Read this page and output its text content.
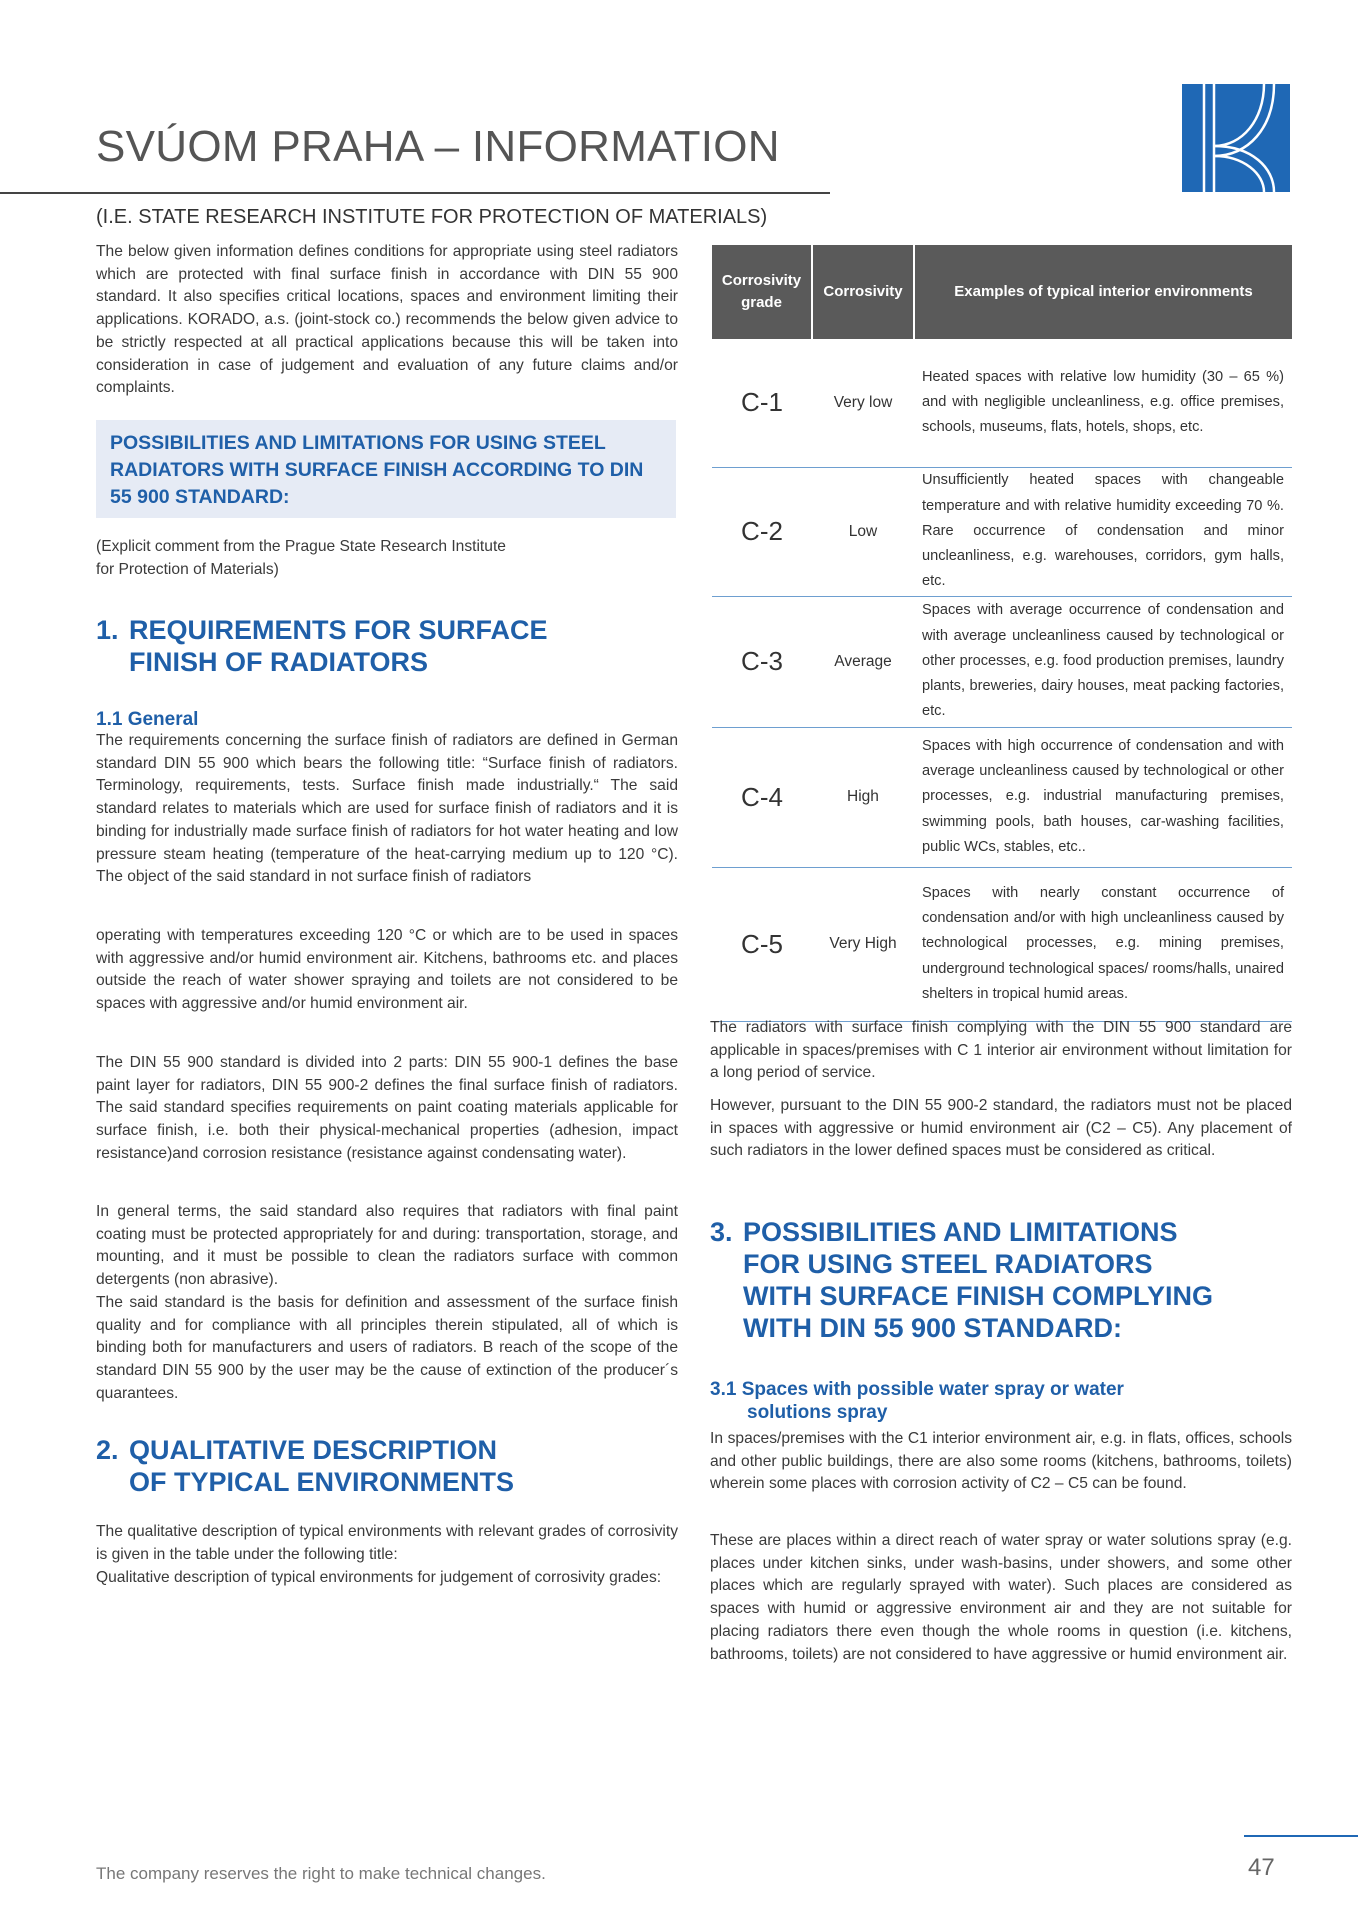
SVÚOM PRAHA – INFORMATION
(I.E. STATE RESEARCH INSTITUTE FOR PROTECTION OF MATERIALS)

The below given information defines conditions for appropriate using steel radiators which are protected with final surface finish in accordance with DIN 55 900 standard. It also specifies critical locations, spaces and environment limiting their applications. KORADO, a.s. (joint-stock co.) recommends the below given advice to be strictly respected at all practical applications because this will be taken into consideration in case of judgement and evaluation of any future claims and/or complaints.

POSSIBILITIES AND LIMITATIONS FOR USING STEEL RADIATORS WITH SURFACE FINISH ACCORDING TO DIN 55 900 STANDARD:
(Explicit comment from the Prague State Research Institute
for Protection of Materials)
1. REQUIREMENTS FOR SURFACE
FINISH OF RADIATORS
1.1 General

The requirements concerning the surface finish of radiators are defined in German standard DIN 55 900 which bears the following title: “Surface finish of radiators. Terminology, requirements, tests. Surface finish made industrially.“ The said standard relates to materials which are used for surface finish of radiators and it is binding for industrially made surface finish of radiators for hot water heating and low pressure steam heating (temperature of the heat-carrying medium up to 120 °C). The object of the said standard in not surface finish of radiators

operating with temperatures exceeding 120 °C or which are to be used in spaces with aggressive and/or humid environment air. Kitchens, bathrooms etc. and places outside the reach of water shower spraying and toilets are not considered to be spaces with aggressive and/or humid environment air.

The DIN 55 900 standard is divided into 2 parts: DIN 55 900-1 defines the base paint layer for radiators, DIN 55 900-2 defines the final surface finish of radiators. The said standard specifies requirements on paint coating materials applicable for surface finish, i.e. both their physical-mechanical properties (adhesion, impact resistance)and corrosion resistance (resistance against condensating water).

In general terms, the said standard also requires that radiators with final paint coating must be protected appropriately for and during: transportation, storage, and mounting, and it must be possible to clean the radiators surface with common detergents (non abrasive).

The said standard is the basis for definition and assessment of the surface finish quality and for compliance with all principles therein stipulated, all of which is binding both for manufacturers and users of radiators. B reach of the scope of the standard DIN 55 900 by the user may be the cause of extinction of the producer´s quarantees.

2. QUALITATIVE DESCRIPTION
OF TYPICAL ENVIRONMENTS

The qualitative description of typical environments with relevant grades of corrosivity is given in the table under the following title:

Qualitative description of typical environments for judgement of corrosivity grades:

Corrosivity grade	Corrosivity	Examples of typical interior environments
C-1	Very low	Heated spaces with relative low humidity (30 – 65 %) and with negligible uncleanliness, e.g. office premises, schools, museums, flats, hotels, shops, etc.
C-2	Low	Unsufficiently heated spaces with changeable temperature and with relative humidity exceeding 70 %. Rare occurrence of condensation and minor uncleanliness, e.g. warehouses, corridors, gym halls, etc.
C-3	Average	Spaces with average occurrence of condensation and with average uncleanliness caused by technological or other processes, e.g. food production premises, laundry plants, breweries, dairy houses, meat packing factories, etc.
C-4	High	Spaces with high occurrence of condensation and with average uncleanliness caused by technological or other processes, e.g. industrial manufacturing premises, swimming pools, bath houses, car-washing facilities, public WCs, stables, etc..
C-5	Very High	Spaces with nearly constant occurrence of condensation and/or with high uncleanliness caused by technological processes, e.g. mining premises, underground technological spaces/ rooms/halls, unaired shelters in tropical humid areas.

The radiators with surface finish complying with the DIN 55 900 standard are applicable in spaces/premises with C 1 interior air environment without limitation for a long period of service.

However, pursuant to the DIN 55 900-2 standard, the radiators must not be placed in spaces with aggressive or humid environment air (C2 – C5). Any placement of such radiators in the lower defined spaces must be considered as critical.

3. POSSIBILITIES AND LIMITATIONS
FOR USING STEEL RADIATORS
WITH SURFACE FINISH COMPLYING
WITH DIN 55 900 STANDARD:
3.1 Spaces with possible water spray or water
solutions spray

In spaces/premises with the C1 interior environment air, e.g. in flats, offices, schools and other public buildings, there are also some rooms (kitchens, bathrooms, toilets) wherein some places with corrosion activity of C2 – C5 can be found.

These are places within a direct reach of water spray or water solutions spray (e.g. places under kitchen sinks, under wash-basins, under showers, and some other places which are regularly sprayed with water). Such places are considered as spaces with humid or aggressive environment air and they are not suitable for placing radiators there even though the whole rooms in question (i.e. kitchens, bathrooms, toilets) are not considered to have aggressive or humid environment air.

The company reserves the right to make technical changes.	47
